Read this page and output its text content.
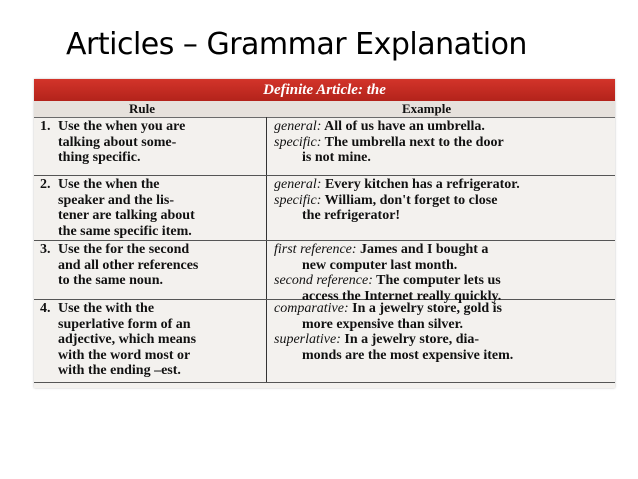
Articles – Grammar Explanation
Definite Article: the
Rule	Example
1. Use the when you are
talking about some-
thing specific.

general: All of us have an umbrella.

specific: The umbrella next to the door

is not mine.

2. Use the when the
speaker and the lis-
tener are talking about
the same specific item.

general: Every kitchen has a refrigerator.

specific: William, don't forget to close

the refrigerator!

3. Use the for the second
and all other references
to the same noun.

first reference: James and I bought a

new computer last month.

second reference: The computer lets us

access the Internet really quickly.

4. Use the with the
superlative form of an
adjective, which means
with the word most or
with the ending –est.

comparative: In a jewelry store, gold is

more expensive than silver.

superlative: In a jewelry store, dia-

monds are the most expensive item.
